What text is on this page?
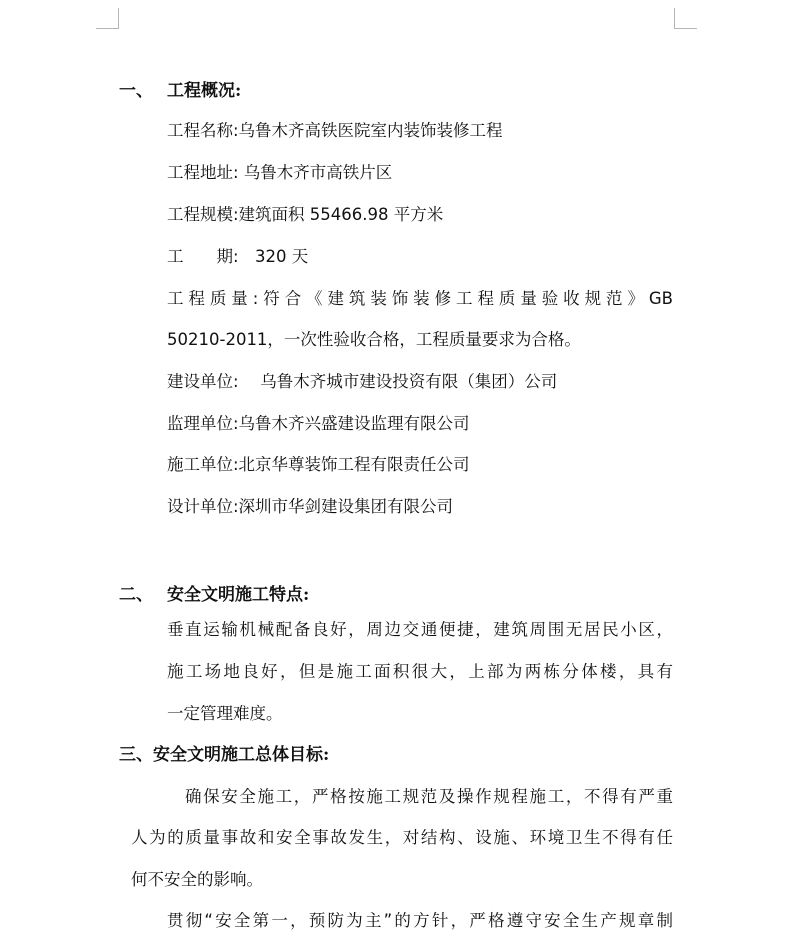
一、 工程概况:
工程名称:乌鲁木齐高铁医院室内装饰装修工程
工程地址: 乌鲁木齐市高铁片区
工程规模:建筑面积 55466.98 平方米
工　　期:　320 天
工程质量:符合《建筑装饰装修工程质量验收规范》GB
50210-2011，一次性验收合格，工程质量要求为合格。
建设单位:　 乌鲁木齐城市建设投资有限（集团）公司
监理单位:乌鲁木齐兴盛建设监理有限公司
施工单位:北京华尊装饰工程有限责任公司
设计单位:深圳市华剑建设集团有限公司
二、 安全文明施工特点:
垂直运输机械配备良好，周边交通便捷，建筑周围无居民小区，
施工场地良好，但是施工面积很大，上部为两栋分体楼，具有
一定管理难度。
三、安全文明施工总体目标:
确保安全施工，严格按施工规范及操作规程施工，不得有严重
人为的质量事故和安全事故发生，对结构、设施、环境卫生不得有任
何不安全的影响。
贯彻“安全第一，预防为主”的方针，严格遵守安全生产规章制
